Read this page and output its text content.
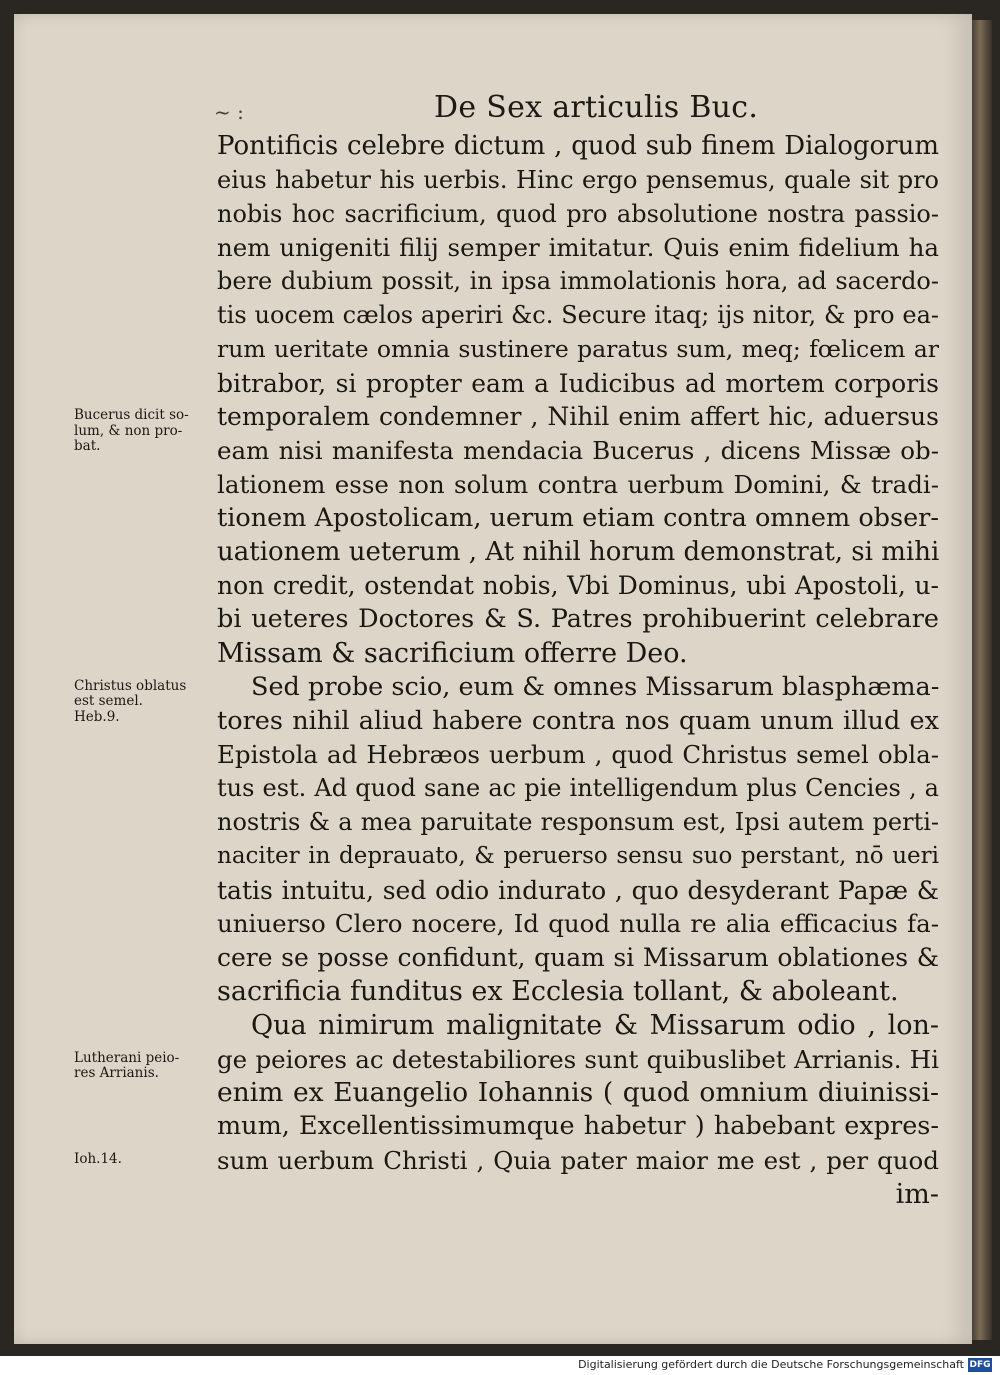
~ :	De Sex articulis Buc.
Pontificis celebre dictum , quod sub finem Dialogorum
eius habetur his uerbis. Hinc ergo pensemus, quale sit pro
nobis hoc sacrificium, quod pro absolutione nostra passio-
nem unigeniti filij semper imitatur. Quis enim fidelium ha
bere dubium possit, in ipsa immolationis hora, ad sacerdo-
tis uocem cælos aperiri &c. Secure itaq; ijs nitor, & pro ea-
rum ueritate omnia sustinere paratus sum, meq; fœlicem ar
bitrabor, si propter eam a Iudicibus ad mortem corporis
temporalem condemner , Nihil enim affert hic, aduersus
eam nisi manifesta mendacia Bucerus , dicens Missæ ob-
lationem esse non solum contra uerbum Domini, & tradi-
tionem Apostolicam, uerum etiam contra omnem obser-
uationem ueterum , At nihil horum demonstrat, si mihi
non credit, ostendat nobis, Vbi Dominus, ubi Apostoli, u-
bi ueteres Doctores & S. Patres prohibuerint celebrare
Missam & sacrificium offerre Deo.
Sed probe scio, eum & omnes Missarum blasphæma-
tores nihil aliud habere contra nos quam unum illud ex
Epistola ad Hebræos uerbum , quod Christus semel obla-
tus est. Ad quod sane ac pie intelligendum plus Cencies , a
nostris & a mea paruitate responsum est, Ipsi autem perti-
naciter in deprauato, & peruerso sensu suo perstant, nō ueri
tatis intuitu, sed odio indurato , quo desyderant Papæ &
uniuerso Clero nocere, Id quod nulla re alia efficacius fa-
cere se posse confidunt, quam si Missarum oblationes &
sacrificia funditus ex Ecclesia tollant, & aboleant.
Qua nimirum malignitate & Missarum odio , lon-
ge peiores ac detestabiliores sunt quibuslibet Arrianis. Hi
enim ex Euangelio Iohannis ( quod omnium diuinissi-
mum, Excellentissimumque habetur ) habebant expres-
sum uerbum Christi , Quia pater maior me est , per quod
im-
Bucerus dicit so-
lum, & non pro-
bat.
Christus oblatus
est semel.
Heb.9.
Lutherani peio-
res Arrianis.
Ioh.14.
Digitalisierung gefördert durch die Deutsche Forschungsgemeinschaft DFG
